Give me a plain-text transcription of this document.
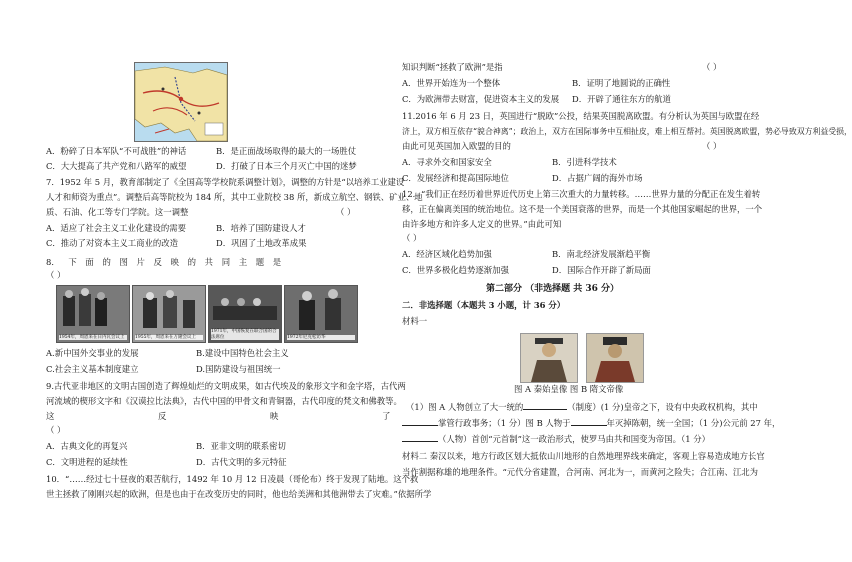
A．粉碎了日本军队“不可战胜”的神话	B．是正面战场取得的最大的一场胜仗
C．大大提高了共产党和八路军的威望	D．打破了日本三个月灭亡中国的迷梦
7．1952 年 5 月，教育部制定了《全国高等学校院系调整计划》，调整的方针是“以培养工业建设
人才和师资为重点”。调整后高等院校为 184 所，其中工业院校 38 所，新成立航空、钢铁、矿业、地
质、石油、化工等专门学院。这一调整	（ ）
A．适应了社会主义工业化建设的需要	B．培养了国防建设人才
C．推动了对资本主义工商业的改造	D．巩固了土地改革成果
8． 下 面 的 图 片 反 映 的 共 同 主 题 是
（ ）
1954年，周恩来在日内瓦会议上	1955年，周恩来在万隆会议上
1971年，中国恢复在联合国的合法席位	1972年尼克松访华
A.新中国外交事业的发展	B.建设中国特色社会主义
C.社会主义基本制度建立	D.国防建设与祖国统一
9.古代亚非地区的文明古国创造了辉煌灿烂的文明成果，如古代埃及的象形文字和金字塔，古代两
河流域的楔形文字和《汉谟拉比法典》，古代中国的甲骨文和青铜器，古代印度的梵文和佛教等。
这	反	映	了
（ ）
A．古典文化的再复兴	B．亚非文明的联系密切
C．文明进程的延续性	D．古代文明的多元特征
10．“……经过七十昼夜的艰苦航行，1492 年 10 月 12 日凌晨（哥伦布）终于发现了陆地。这个救
世主拯救了刚刚兴起的欧洲，但是也由于在改变历史的同时，他也给美洲和其他洲带去了灾难。”依据所学
知识判断“拯救了欧洲”是指	（ ）
A．世界开始连为一个整体	B．证明了地圆说的正确性
C．为欧洲带去财富，促进资本主义的发展 D．开辟了通往东方的航道
11.2016 年 6 月 23 日，英国进行“脱欧”公投，结果英国脱离欧盟。有分析认为英国与欧盟在经
济上，双方相互依存“貌合神离”；政治上，双方在国际事务中互相扯皮，难上相互帮衬。英国脱离欧盟，势必导致双方利益受损，
由此可见英国加入欧盟的目的	（ ）
A．寻求外交和国家安全	B．引进科学技术
C．发展经济和提高国际地位	D．占据广阔的海外市场
12．“我们正在经历着世界近代历史上第三次重大的力量转移。……世界力量的分配正在发生着转
移，正在偏离美国的统治地位。这不是一个美国衰落的世界，而是一个其他国家崛起的世界，一个
由许多地方和许多人定义的世界。”由此可知
（ ）
A．经济区域化趋势加强	B．南北经济发展渐趋平衡
C．世界多极化趋势逐渐加强	D．国际合作开辟了新局面
第二部分 （非选择题 共 36 分）
二．非选择题（本题共 3 小题，计 36 分）
材料一
图 A 秦始皇像 图 B 隋文帝像
（1）图 A 人物创立了大一统的	（制度）(1 分)皇帝之下，设有中央政权机构，其中
掌管行政事务；（1 分）图 B 人物于	年灭掉陈朝，统一全国；（1 分)公元前 27 年，
（人物）首创“元首制”这一政治形式，使罗马由共和国变为帝国。（1 分）
材料二 秦汉以来，地方行政区划大抵依山川地形的自然地理界线来确定，客观上容易造成地方长官
当作割据称雄的地理条件。“元代分省建置，合河南、河北为一，而黄河之险失；合江南、江北为
